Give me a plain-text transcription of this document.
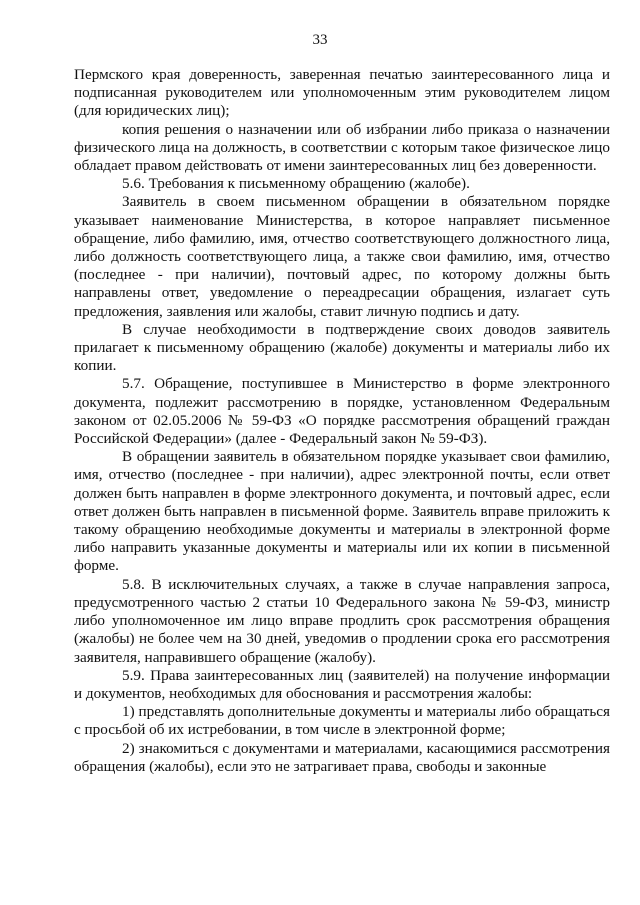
33

Пермского края доверенность, заверенная печатью заинтересованного лица и подписанная руководителем или уполномоченным этим руководителем лицом (для юридических лиц);

копия решения о назначении или об избрании либо приказа о назначении физического лица на должность, в соответствии с которым такое физическое лицо обладает правом действовать от имени заинтересованных лиц без доверенности.

5.6. Требования к письменному обращению (жалобе).

Заявитель в своем письменном обращении в обязательном порядке указывает наименование Министерства, в которое направляет письменное обращение, либо фамилию, имя, отчество соответствующего должностного лица, либо должность соответствующего лица, а также свои фамилию, имя, отчество (последнее - при наличии), почтовый адрес, по которому должны быть направлены ответ, уведомление о переадресации обращения, излагает суть предложения, заявления или жалобы, ставит личную подпись и дату.

В случае необходимости в подтверждение своих доводов заявитель прилагает к письменному обращению (жалобе) документы и материалы либо их копии.

5.7. Обращение, поступившее в Министерство в форме электронного документа, подлежит рассмотрению в порядке, установленном Федеральным законом от 02.05.2006 № 59-ФЗ «О порядке рассмотрения обращений граждан Российской Федерации» (далее - Федеральный закон № 59-ФЗ).

В обращении заявитель в обязательном порядке указывает свои фамилию, имя, отчество (последнее - при наличии), адрес электронной почты, если ответ должен быть направлен в форме электронного документа, и почтовый адрес, если ответ должен быть направлен в письменной форме. Заявитель вправе приложить к такому обращению необходимые документы и материалы в электронной форме либо направить указанные документы и материалы или их копии в письменной форме.

5.8. В исключительных случаях, а также в случае направления запроса, предусмотренного частью 2 статьи 10 Федерального закона № 59-ФЗ, министр либо уполномоченное им лицо вправе продлить срок рассмотрения обращения (жалобы) не более чем на 30 дней, уведомив о продлении срока его рассмотрения заявителя, направившего обращение (жалобу).

5.9. Права заинтересованных лиц (заявителей) на получение информации и документов, необходимых для обоснования и рассмотрения жалобы:

1) представлять дополнительные документы и материалы либо обращаться с просьбой об их истребовании, в том числе в электронной форме;

2) знакомиться с документами и материалами, касающимися рассмотрения обращения (жалобы), если это не затрагивает права, свободы и законные
